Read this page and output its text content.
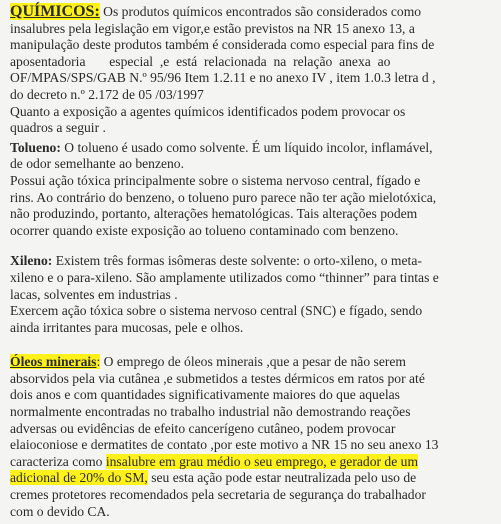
QUÍMICOS: Os produtos químicos encontrados são considerados como

insalubres pela legislação em vigor,e estão previstos na NR 15 anexo 13, a

manipulação deste produtos também é considerada como especial para fins de

aposentadoria       especial  ,e  está  relacionada  na  relação  anexa  ao

OF/MPAS/SPS/GAB N.º 95/96 Item 1.2.11 e no anexo IV , item 1.0.3 letra d ,

do decreto n.º 2.172 de 05 /03/1997

Quanto a exposição a agentes químicos identificados podem provocar os

quadros a seguir .

Tolueno: O tolueno é usado como solvente. É um líquido incolor, inflamável,

de odor semelhante ao benzeno.

Possui ação tóxica principalmente sobre o sistema nervoso central, fígado e

rins. Ao contrário do benzeno, o tolueno puro parece não ter ação mielotóxica,

não produzindo, portanto, alterações hematológicas. Tais alterações podem

ocorrer quando existe exposição ao tolueno contaminado com benzeno.

Xileno: Existem três formas isômeras deste solvente: o orto-xileno, o meta-

xileno e o para-xileno. São amplamente utilizados como “thinner” para tintas e

lacas, solventes em industrias .

Exercem ação tóxica sobre o sistema nervoso central (SNC) e fígado, sendo

ainda irritantes para mucosas, pele e olhos.

Óleos minerais: O emprego de óleos minerais ,que a pesar de não serem

absorvidos pela via cutânea ,e submetidos a testes dérmicos em ratos por até

dois anos e com quantidades significativamente maiores do que aquelas

normalmente encontradas no trabalho industrial não demostrando reações

adversas ou evidências de efeito cancerígeno cutâneo, podem provocar

elaioconiose e dermatites de contato ,por este motivo a NR 15 no seu anexo 13

caracteriza como insalubre em grau médio o seu emprego, e gerador de um

adicional de 20% do SM, seu esta ação pode estar neutralizada pelo uso de

cremes protetores recomendados pela secretaria de segurança do trabalhador

com o devido CA.
